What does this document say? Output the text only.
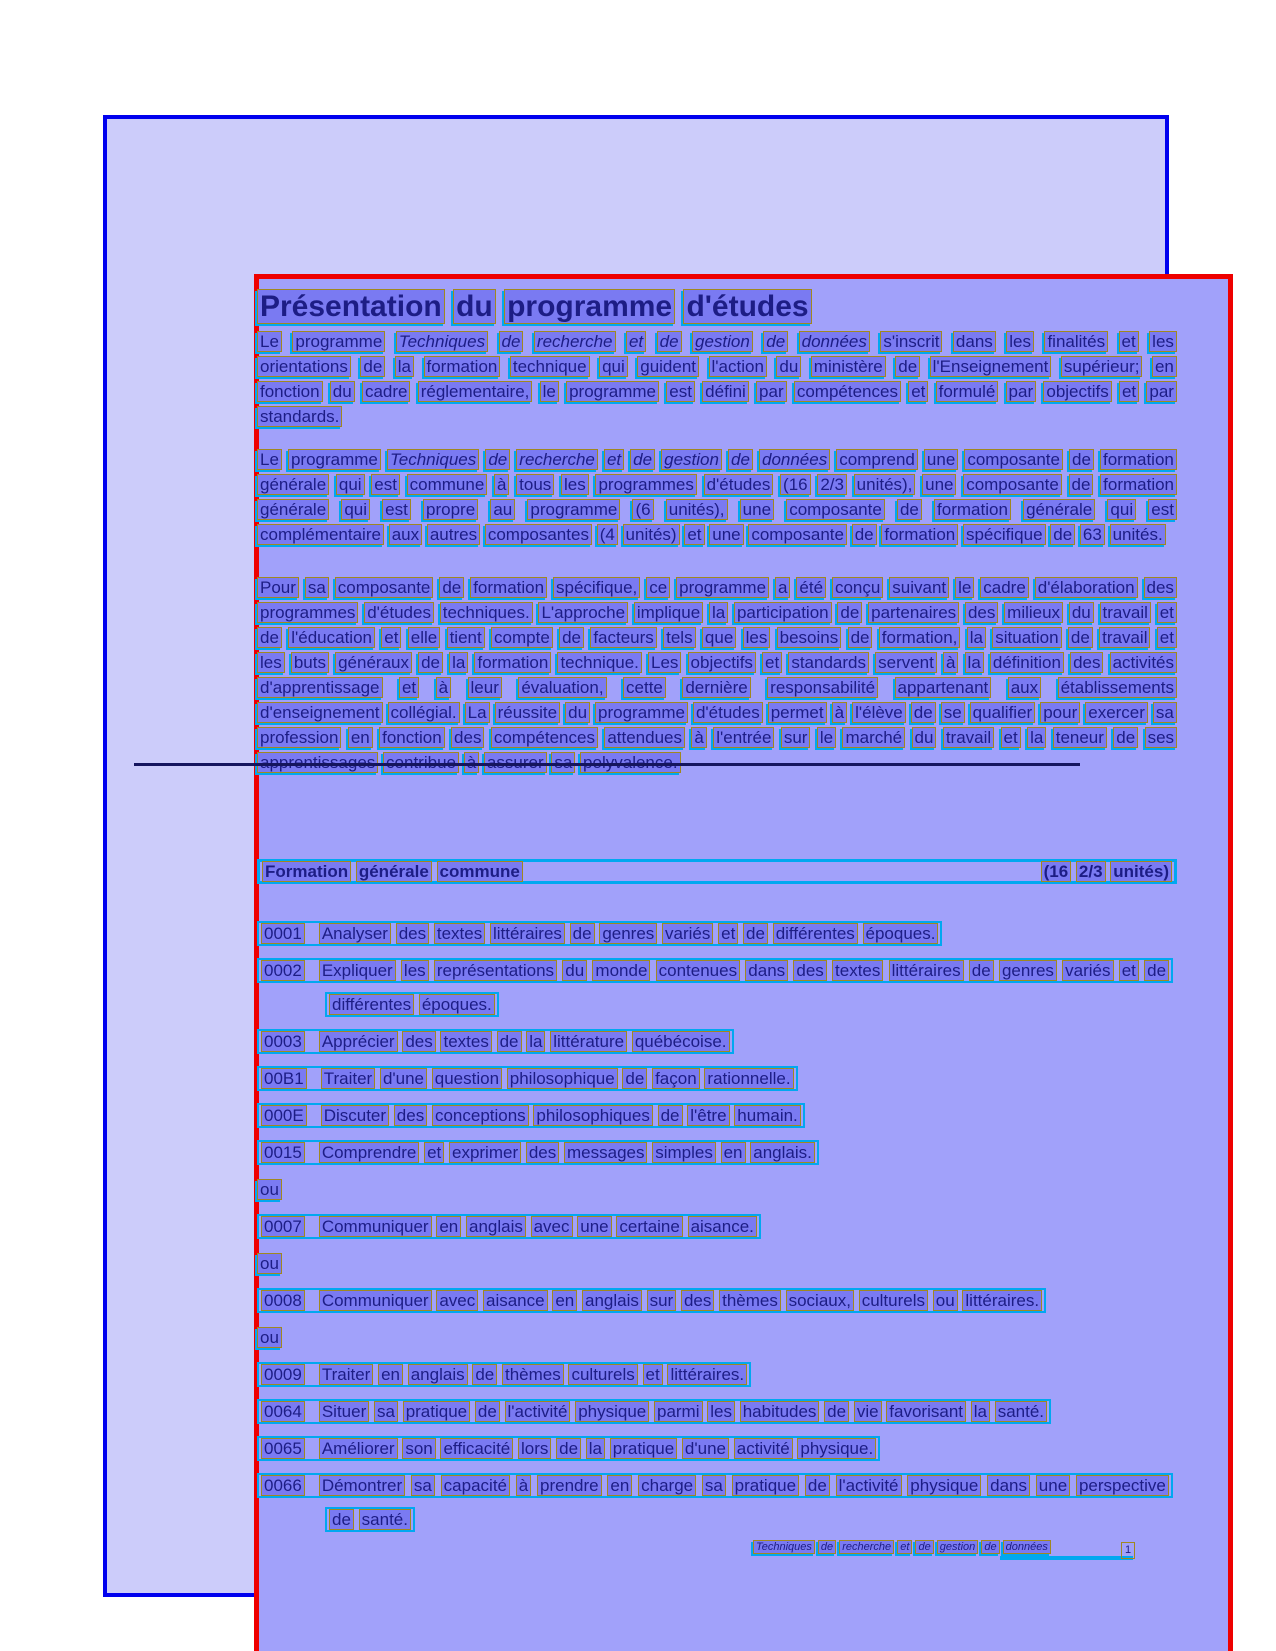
Présentation du programme d'études
Le programme Techniques de recherche et de gestion de données s'inscrit dans les finalités et les orientations de la formation technique qui guident l'action du ministère de l'Enseignement supérieur; en fonction du cadre réglementaire, le programme est défini par compétences et formulé par objectifs et par standards.
Le programme Techniques de recherche et de gestion de données comprend une composante de formation générale qui est commune à tous les programmes d'études (16 2/3 unités), une composante de formation générale qui est propre au programme (6 unités), une composante de formation générale qui est complémentaire aux autres composantes (4 unités) et une composante de formation spécifique de 63 unités.
Pour sa composante de formation spécifique, ce programme a été conçu suivant le cadre d'élaboration des programmes d'études techniques. L'approche implique la participation de partenaires des milieux du travail et de l'éducation et elle tient compte de facteurs tels que les besoins de formation, la situation de travail et les buts généraux de la formation technique. Les objectifs et standards servent à la définition des activités d'apprentissage et à leur évaluation, cette dernière responsabilité appartenant aux établissements d'enseignement collégial. La réussite du programme d'études permet à l'élève de se qualifier pour exercer sa profession en fonction des compétences attendues à l'entrée sur le marché du travail et la teneur de ses
Formation générale commune	(16 2/3 unités)
0001 Analyser des textes littéraires de genres variés et de différentes époques.
0002 Expliquer les représentations du monde contenues dans des textes littéraires de genres variés et de différentes époques.
0003 Apprécier des textes de la littérature québécoise.
00B1 Traiter d'une question philosophique de façon rationnelle.
000E Discuter des conceptions philosophiques de l'être humain.
0015 Comprendre et exprimer des messages simples en anglais.
ou
0007 Communiquer en anglais avec une certaine aisance.
ou
0008 Communiquer avec aisance en anglais sur des thèmes sociaux, culturels ou littéraires.
ou
0009 Traiter en anglais de thèmes culturels et littéraires.
0064 Situer sa pratique de l'activité physique parmi les habitudes de vie favorisant la santé.
0065 Améliorer son efficacité lors de la pratique d'une activité physique.
0066 Démontrer sa capacité à prendre en charge sa pratique de l'activité physique dans une perspective de santé.
Techniques de recherche et de gestion de données	1
